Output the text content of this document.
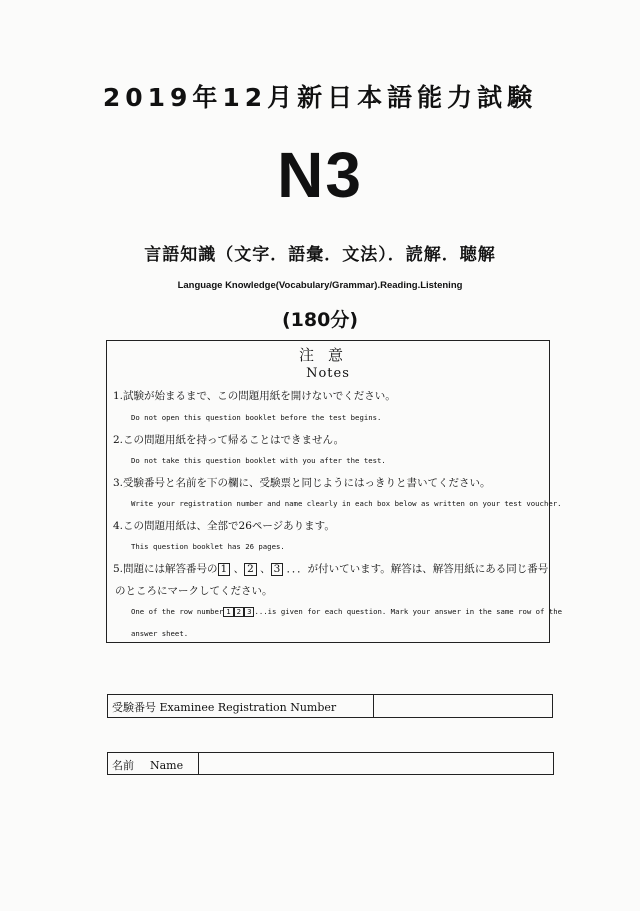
2019年12月新日本語能力試験
N3
言語知識（文字．語彙．文法）．読解．聴解
Language Knowledge(Vocabulary/Grammar).Reading.Listening
(180分)
注意
Notes
1.試験が始まるまで、この問題用紙を開けないでください。
Do not open this question booklet before the test begins.
2.この問題用紙を持って帰ることはできません。
Do not take this question booklet with you after the test.
3.受験番号と名前を下の欄に、受験票と同じようにはっきりと書いてください。
Write your registration number and name clearly in each box below as written on your test voucher.
4.この問題用紙は、全部で26ページあります。
This question booklet has 26 pages.
5.問題には解答番号の 1 、 2 、 3 ．．．が付いています。解答は、解答用紙にある同じ番号
のところにマークしてください。
One of the row number 1 2 3 ...is given for each question. Mark your answer in the same row of the
answer sheet.
受験番号 Examinee Registration Number
名前 Name
